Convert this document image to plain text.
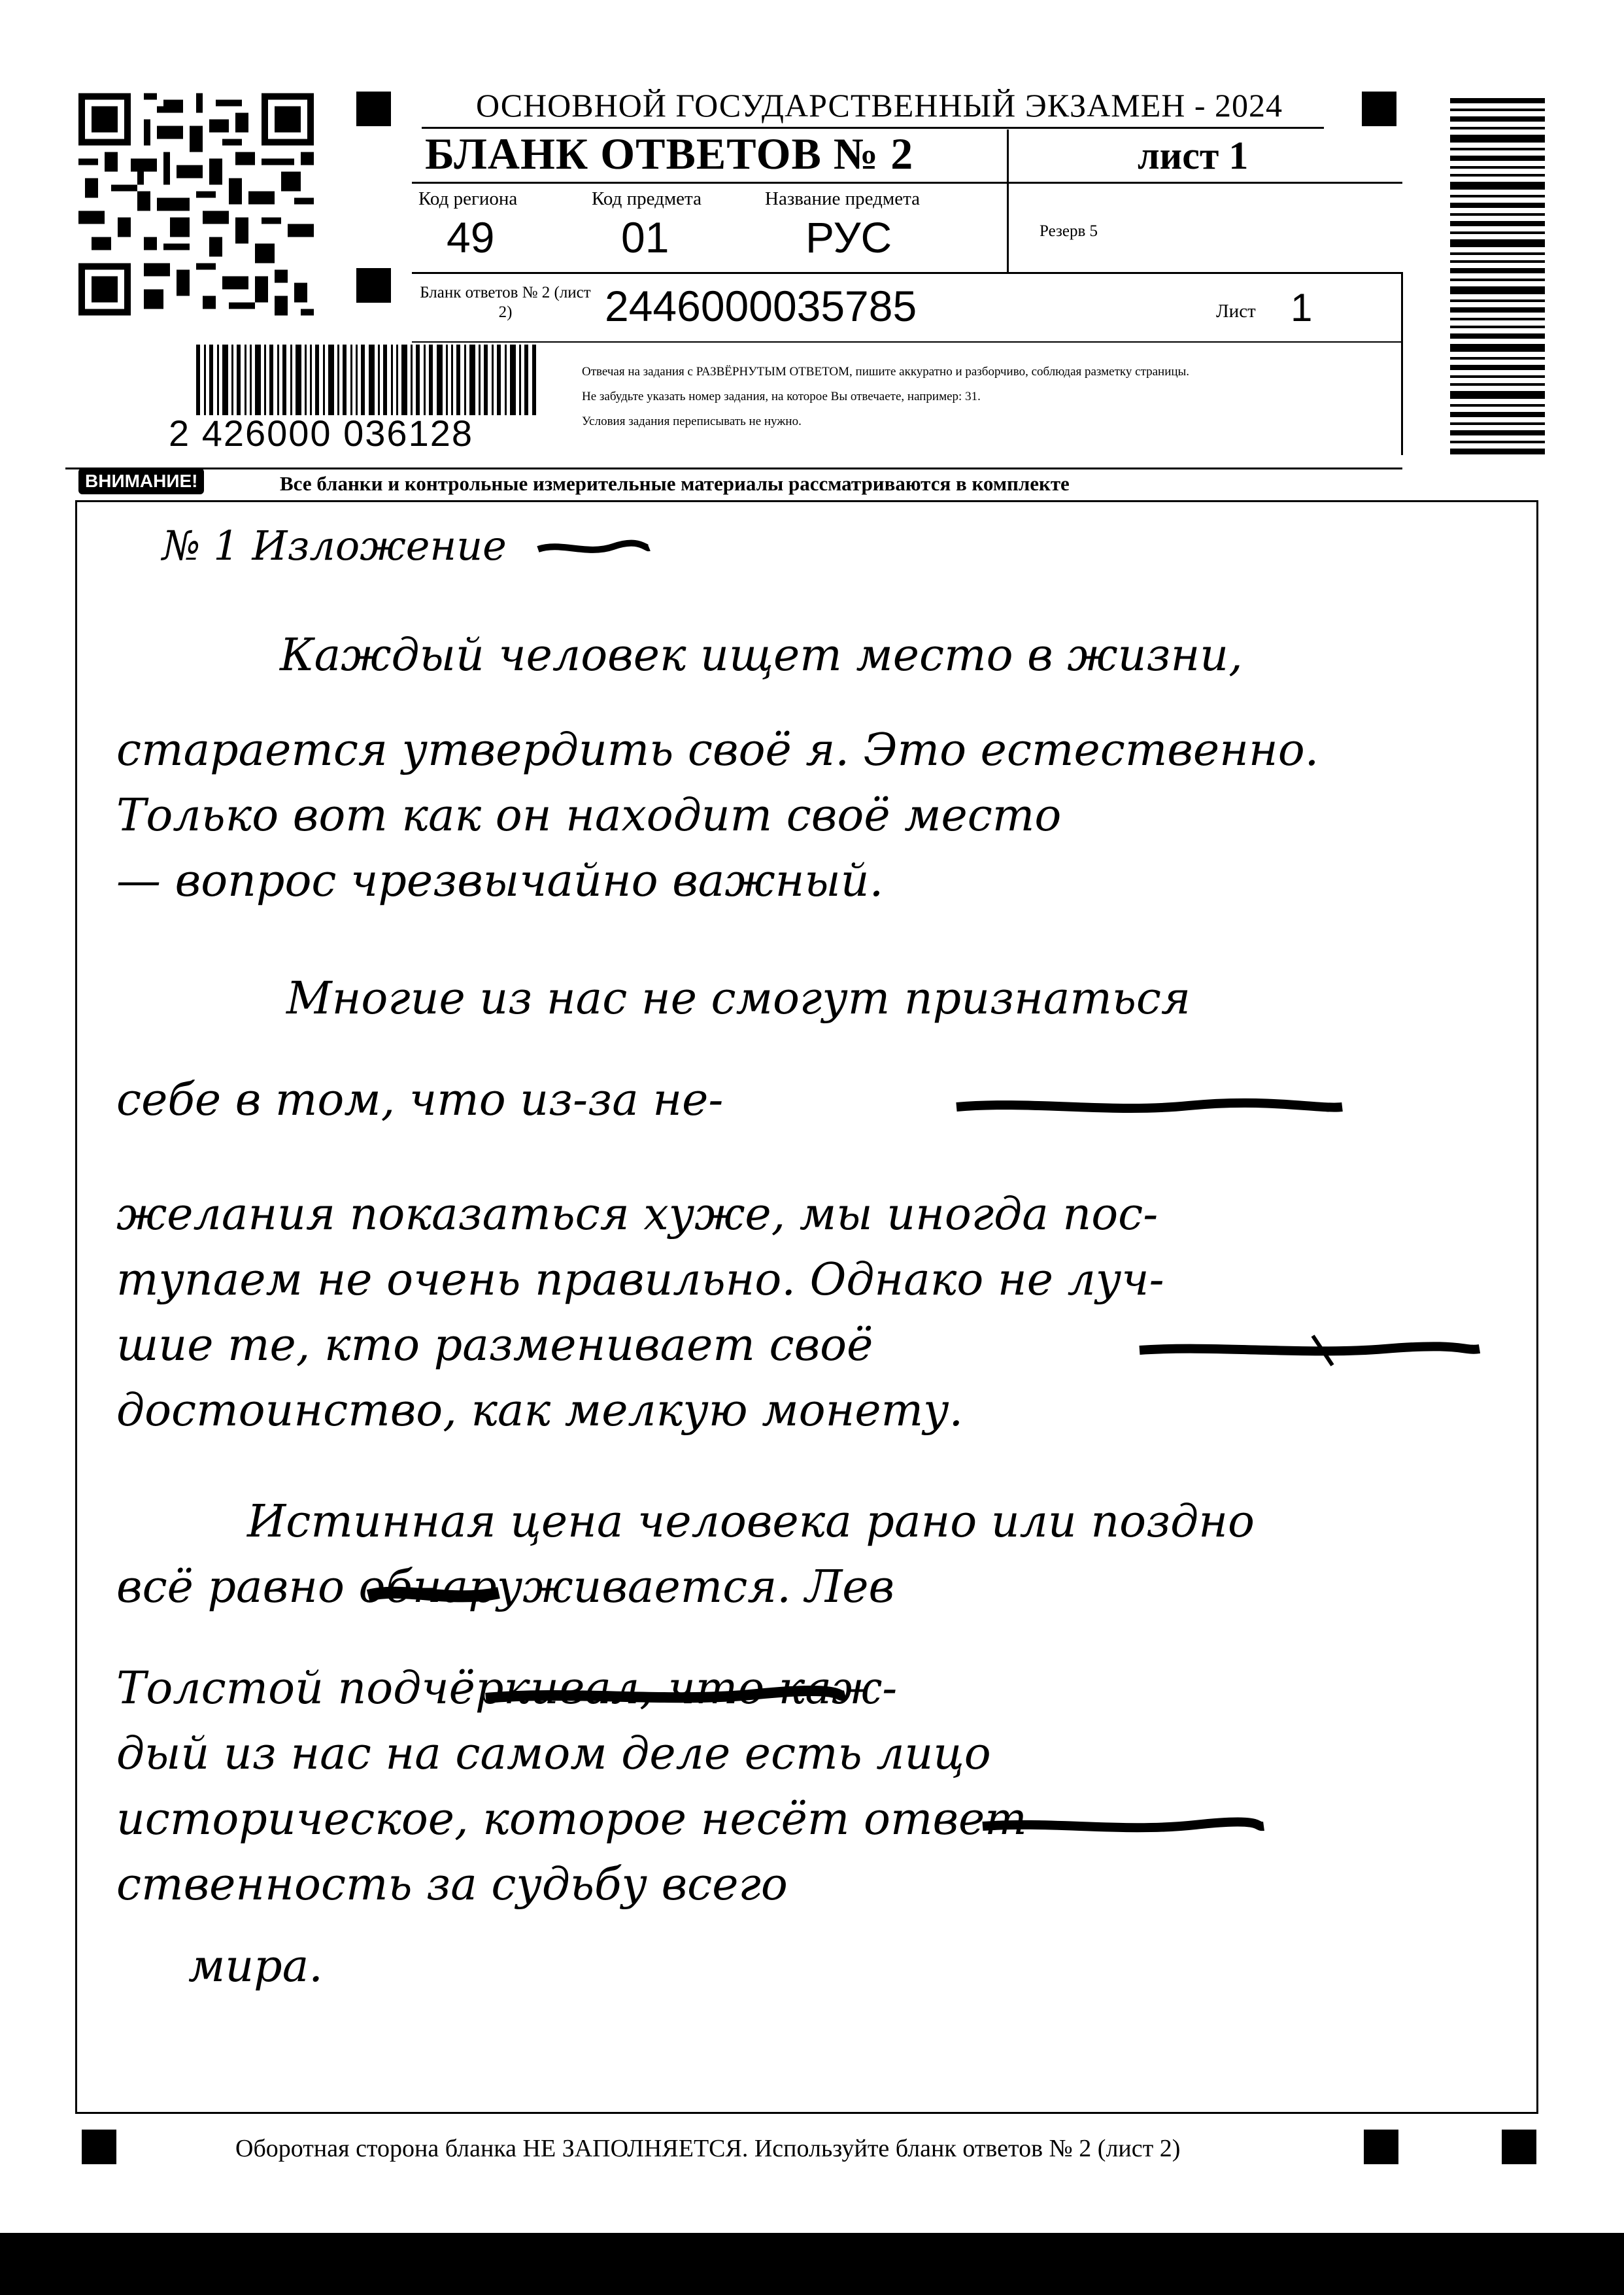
ОСНОВНОЙ ГОСУДАРСТВЕННЫЙ ЭКЗАМЕН - 2024
БЛАНК ОТВЕТОВ № 2	лист 1
Код региона
49
Код предмета
01
Название предмета
РУС	Резерв 5
Бланк ответов № 2 (лист 2)	2446000035785	Лист 1
Отвечая на задания с РАЗВЁРНУТЫМ ОТВЕТОМ, пишите аккуратно и разборчиво, соблюдая разметку страницы.
Не забудьте указать номер задания, на которое Вы отвечаете, например: 31.
Условия задания переписывать не нужно.
2 426000 036128
ВНИМАНИЕ!	Все бланки и контрольные измерительные материалы рассматриваются в комплекте
№ 1 Изложение
Каждый человек ищет место в жизни,
старается утвердить своё я. Это естественно.
Только вот как он находит своё место
— вопрос чрезвычайно важный.
Многие из нас не смогут признаться
себе в том, что из-за не-
желания показаться хуже, мы иногда пос-
тупаем не очень правильно. Однако не луч-
шие те, кто разменивает своё
достоинство, как мелкую монету.
Истинная цена человека рано или поздно
всё равно обнаруживается. Лев
Толстой подчёркивал, что каж-
дый из нас на самом деле есть лицо
историческое, которое несёт ответ-
ственность за судьбу всего
мира.
Оборотная сторона бланка НЕ ЗАПОЛНЯЕТСЯ. Используйте бланк ответов № 2 (лист 2)
